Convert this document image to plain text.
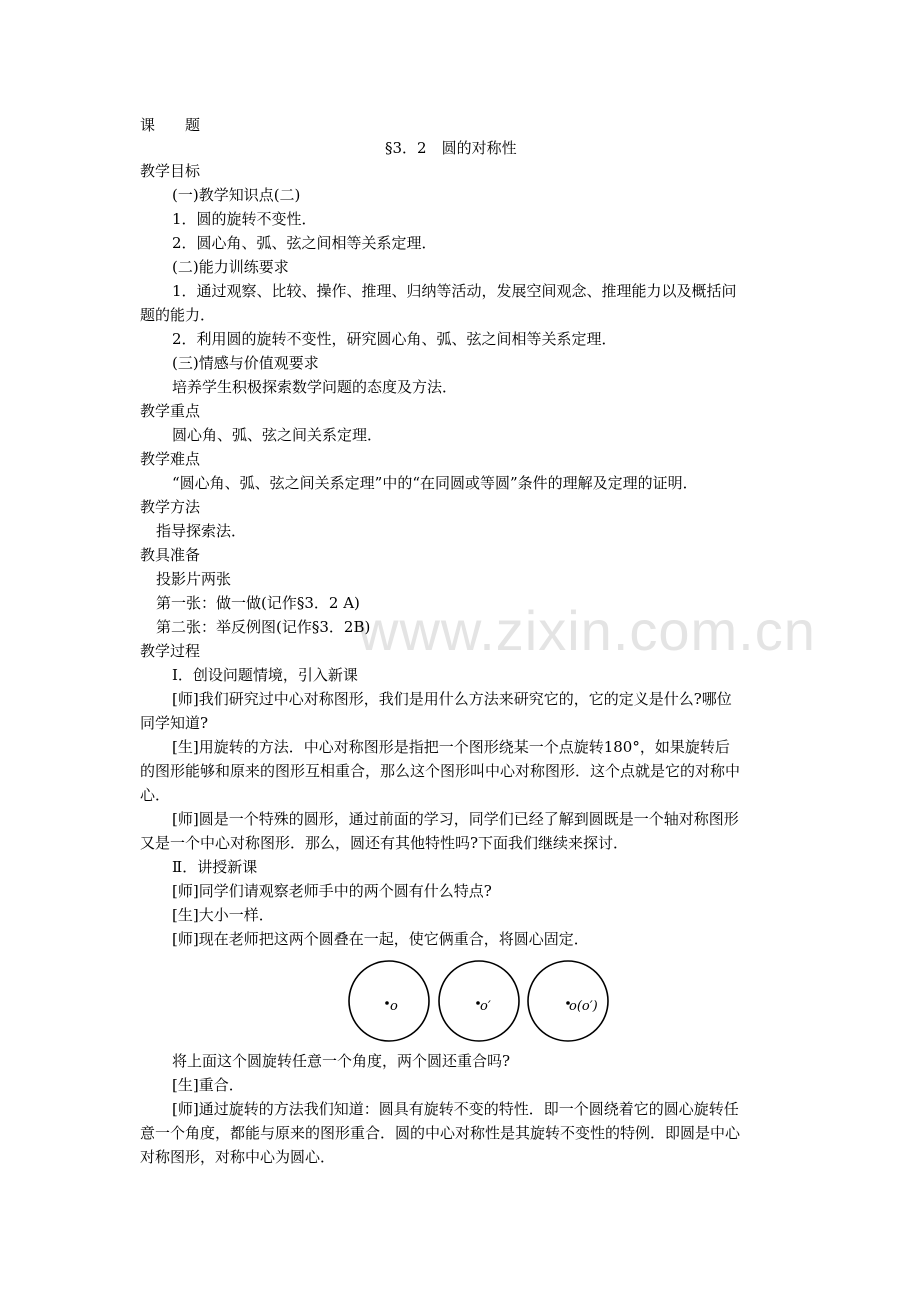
www.zixin.com.cn
课　　题
§3．2　圆的对称性
教学目标
(一)教学知识点(二)
1．圆的旋转不变性．
2．圆心角、弧、弦之间相等关系定理．
(二)能力训练要求
1．通过观察、比较、操作、推理、归纳等活动，发展空间观念、推理能力以及概括问
题的能力．
2．利用圆的旋转不变性，研究圆心角、弧、弦之间相等关系定理．
(三)情感与价值观要求
培养学生积极探索数学问题的态度及方法．
教学重点
圆心角、弧、弦之间关系定理．
教学难点
“圆心角、弧、弦之间关系定理”中的“在同圆或等圆”条件的理解及定理的证明．
教学方法
指导探索法．
教具准备
投影片两张
第一张：做一做(记作§3．2 A)
第二张：举反例图(记作§3．2B)
教学过程
Ⅰ．创设问题情境，引入新课
[师]我们研究过中心对称图形，我们是用什么方法来研究它的，它的定义是什么?哪位
同学知道?
[生]用旋转的方法．中心对称图形是指把一个图形绕某一个点旋转180°，如果旋转后
的图形能够和原来的图形互相重合，那么这个图形叫中心对称图形．这个点就是它的对称中
心．
[师]圆是一个特殊的圆形，通过前面的学习，同学们已经了解到圆既是一个轴对称图形
又是一个中心对称图形．那么，圆还有其他特性吗?下面我们继续来探讨．
Ⅱ．讲授新课
[师]同学们请观察老师手中的两个圆有什么特点?
[生]大小一样．
[师]现在老师把这两个圆叠在一起，使它俩重合，将圆心固定．
将上面这个圆旋转任意一个角度，两个圆还重合吗?
[生]重合．
[师]通过旋转的方法我们知道：圆具有旋转不变的特性．即一个圆绕着它的圆心旋转任
意一个角度，都能与原来的图形重合．圆的中心对称性是其旋转不变性的特例．即圆是中心
对称图形，对称中心为圆心．
o	o′	o(o′)
